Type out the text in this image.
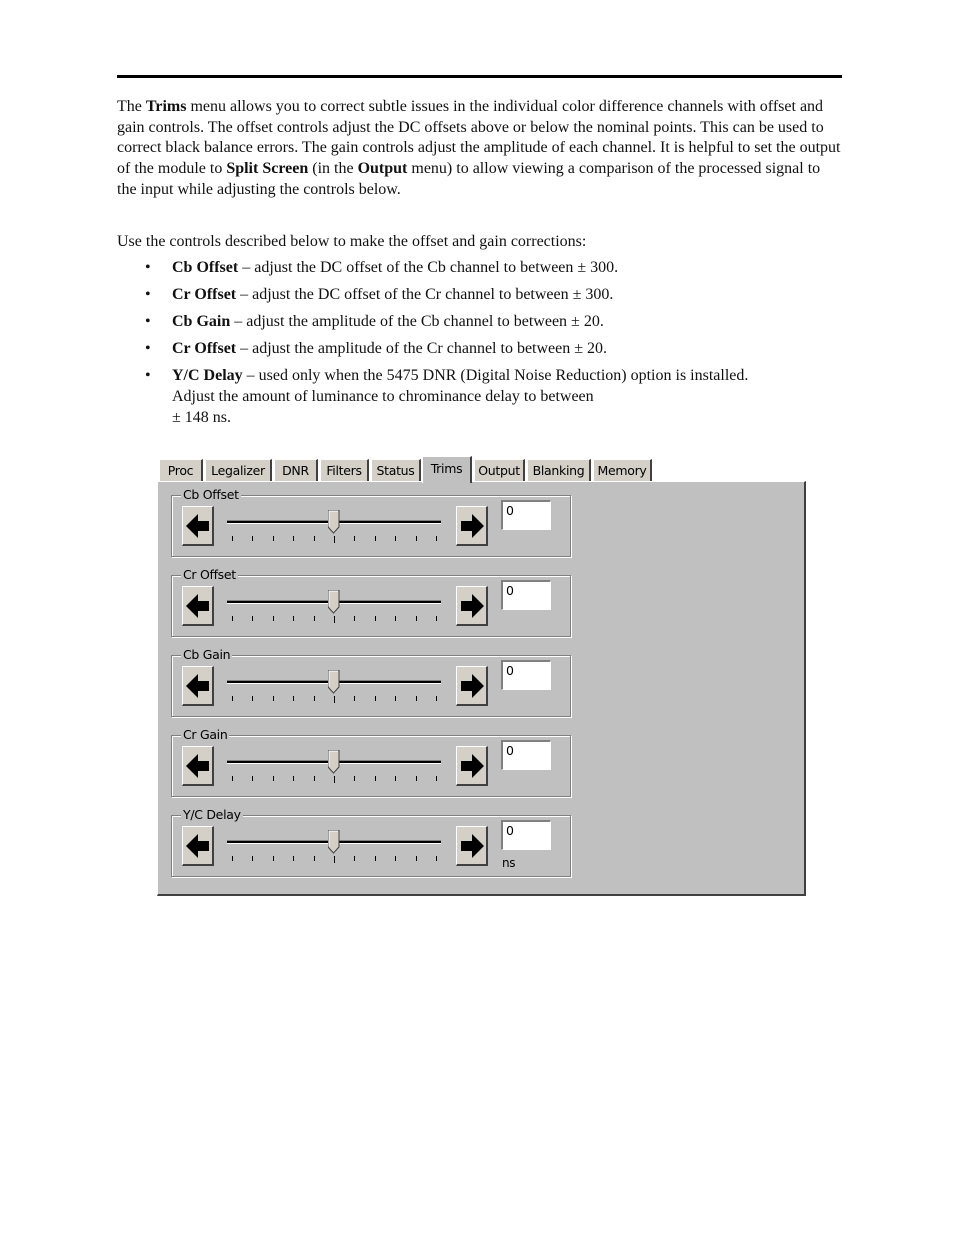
The Trims menu allows you to correct subtle issues in the individual color difference channels with offset and gain controls. The offset controls adjust the DC offsets above or below the nominal points. This can be used to correct black balance errors. The gain controls adjust the amplitude of each channel. It is helpful to set the output of the module to Split Screen (in the Output menu) to allow viewing a comparison of the processed signal to the input while adjusting the controls below.

Use the controls described below to make the offset and gain corrections:

• Cb Offset – adjust the DC offset of the Cb channel to between ± 300.
• Cr Offset – adjust the DC offset of the Cr channel to between ± 300.
• Cb Gain – adjust the amplitude of the Cb channel to between ± 20.
• Cr Offset – adjust the amplitude of the Cr channel to between ± 20.
• Y/C Delay – used only when the 5475 DNR (Digital Noise Reduction) option is installed. Adjust the amount of luminance to chrominance delay to between
± 148 ns.
Proc	Legalizer	DNR	Filters	Status	Trims	Output	Blanking	Memory
Cb Offset
0
Cr Offset
0
Cb Gain
0
Cr Gain
0
Y/C Delay
0
ns
